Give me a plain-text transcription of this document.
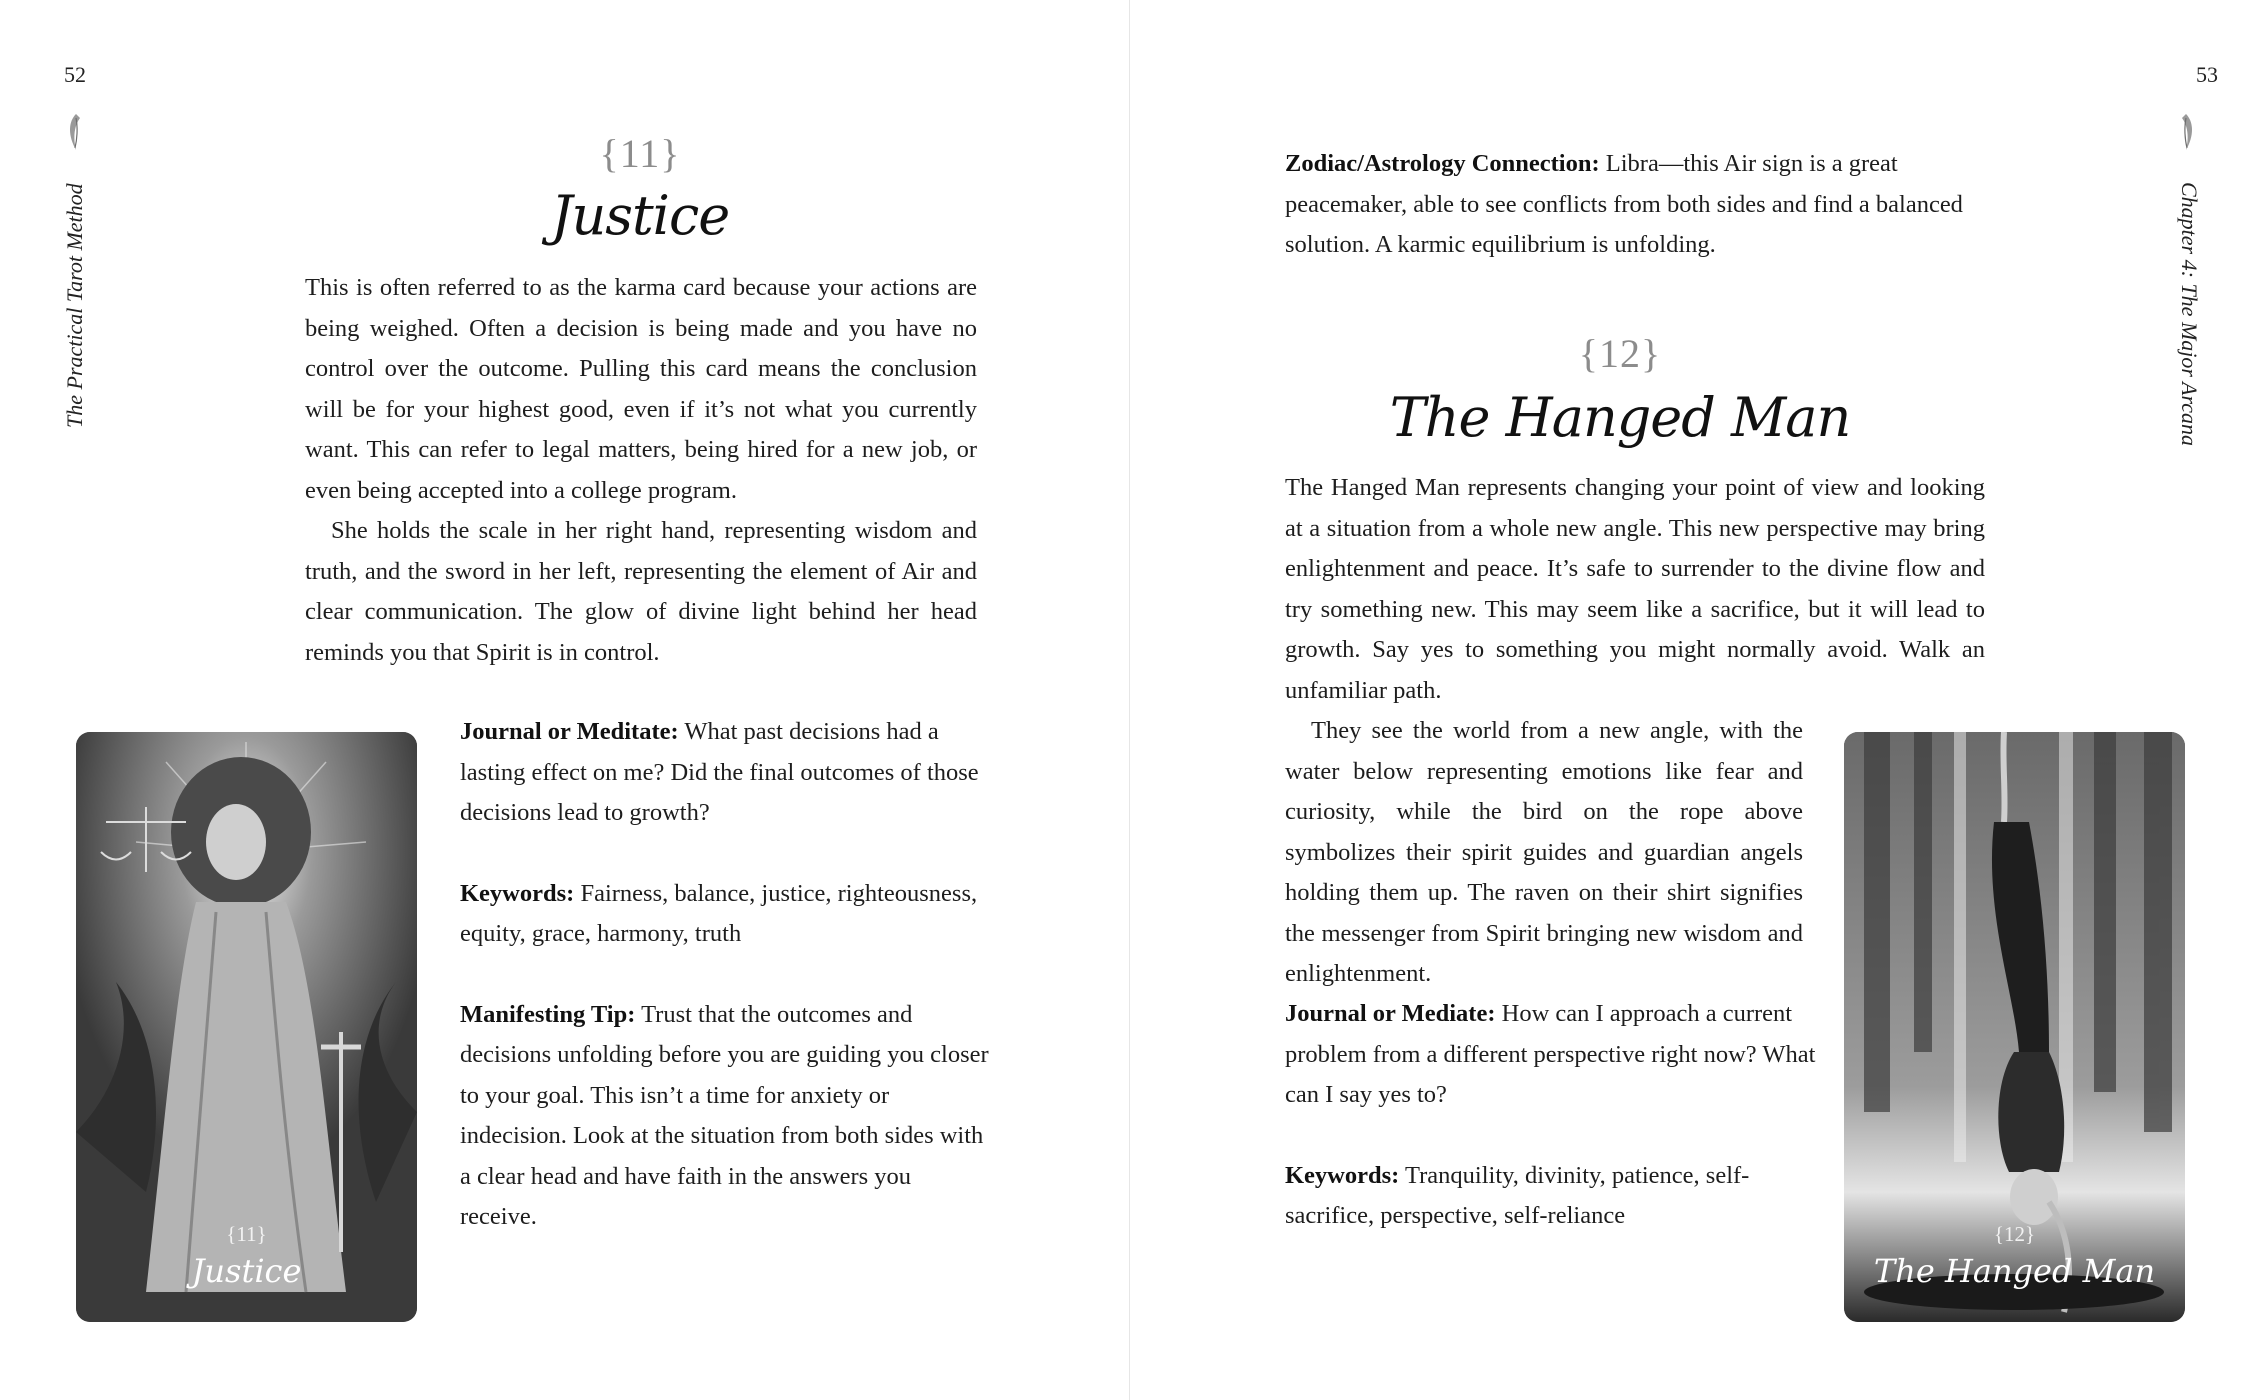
52
The Practical Tarot Method
{11}
Justice

This is often referred to as the karma card because your actions are being weighed. Often a decision is being made and you have no control over the outcome. Pulling this card means the conclusion will be for your highest good, even if it’s not what you currently want. This can refer to legal matters, being hired for a new job, or even being accepted into a college program.

She holds the scale in her right hand, representing wisdom and truth, and the sword in her left, representing the element of Air and clear communication. The glow of divine light behind her head reminds you that Spirit is in control.

{11}
Justice

Journal or Meditate: What past decisions had a lasting effect on me? Did the final outcomes of those decisions lead to growth?

Keywords: Fairness, balance, justice, righteousness, equity, grace, harmony, truth

Manifesting Tip: Trust that the outcomes and decisions unfolding before you are guiding you closer to your goal. This isn’t a time for anxiety or indecision. Look at the situation from both sides with a clear head and have faith in the answers you receive.

53

Zodiac/Astrology Connection: Libra—this Air sign is a great peacemaker, able to see conflicts from both sides and find a balanced solution. A karmic equilibrium is unfolding.

{12}
The Hanged Man

The Hanged Man represents changing your point of view and looking at a situation from a whole new angle. This new perspective may bring enlightenment and peace. It’s safe to surrender to the divine flow and try something new. This may seem like a sacrifice, but it will lead to growth. Say yes to something you might normally avoid. Walk an unfamiliar path.

They see the world from a new angle, with the water below representing emotions like fear and curiosity, while the bird on the rope above symbolizes their spirit guides and guardian angels holding them up. The raven on their shirt signifies the messenger from Spirit bringing new wisdom and enlightenment.

Journal or Mediate: How can I approach a current problem from a different perspective right now? What can I say yes to?

Keywords: Tranquility, divinity, patience, self-sacrifice, perspective, self-reliance

{12}
The Hanged Man
Chapter 4: The Major Arcana
